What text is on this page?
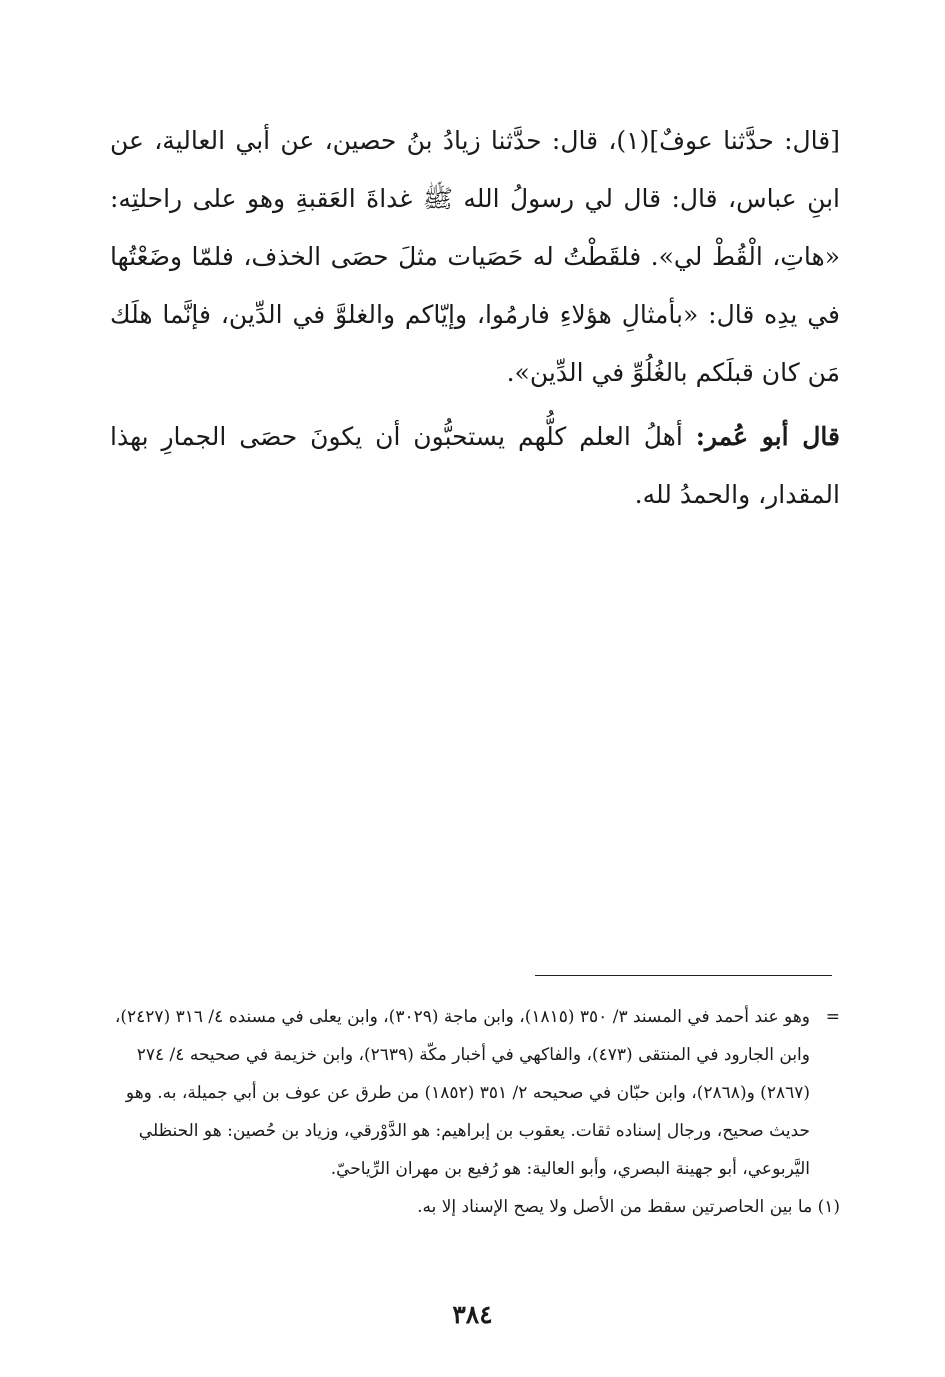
[قال: حدَّثنا عوفٌ](١)، قال: حدَّثنا زيادُ بنُ حصين، عن أبي العالية، عن ابنِ عباس، قال: قال لي رسولُ الله ﷺ غداةَ العَقبةِ وهو على راحلتِه: «هاتِ، الْقُطْ لي». فلقَطْتُ له حَصَيات مثلَ حصَى الخذف، فلمّا وضَعْتُها في يدِه قال: «بأمثالِ هؤلاءِ فارمُوا، وإيّاكم والغلوَّ في الدِّين، فإنَّما هلَك مَن كان قبلَكم بالغُلُوِّ في الدِّين».

قال أبو عُمر: أهلُ العلم كلُّهم يستحبُّون أن يكونَ حصَى الجمارِ بهذا المقدار، والحمدُ لله.

=
وهو عند أحمد في المسند ٣/ ٣٥٠ (١٨١٥)، وابن ماجة (٣٠٢٩)، وابن يعلى في مسنده ٤/ ٣١٦ (٢٤٢٧)، وابن الجارود في المنتقى (٤٧٣)، والفاكهي في أخبار مكّة (٢٦٣٩)، وابن خزيمة في صحيحه ٤/ ٢٧٤ (٢٨٦٧) و(٢٨٦٨)، وابن حبّان في صحيحه ٢/ ٣٥١ (١٨٥٢) من طرق عن عوف بن أبي جميلة، به. وهو حديث صحيح، ورجال إسناده ثقات. يعقوب بن إبراهيم: هو الدَّوْرقي، وزياد بن حُصين: هو الحنظلي اليَّربوعي، أبو جهينة البصري، وأبو العالية: هو رُفيع بن مهران الرِّياحيّ.

(١) ما بين الحاصرتين سقط من الأصل ولا يصح الإسناد إلا به.

٣٨٤
